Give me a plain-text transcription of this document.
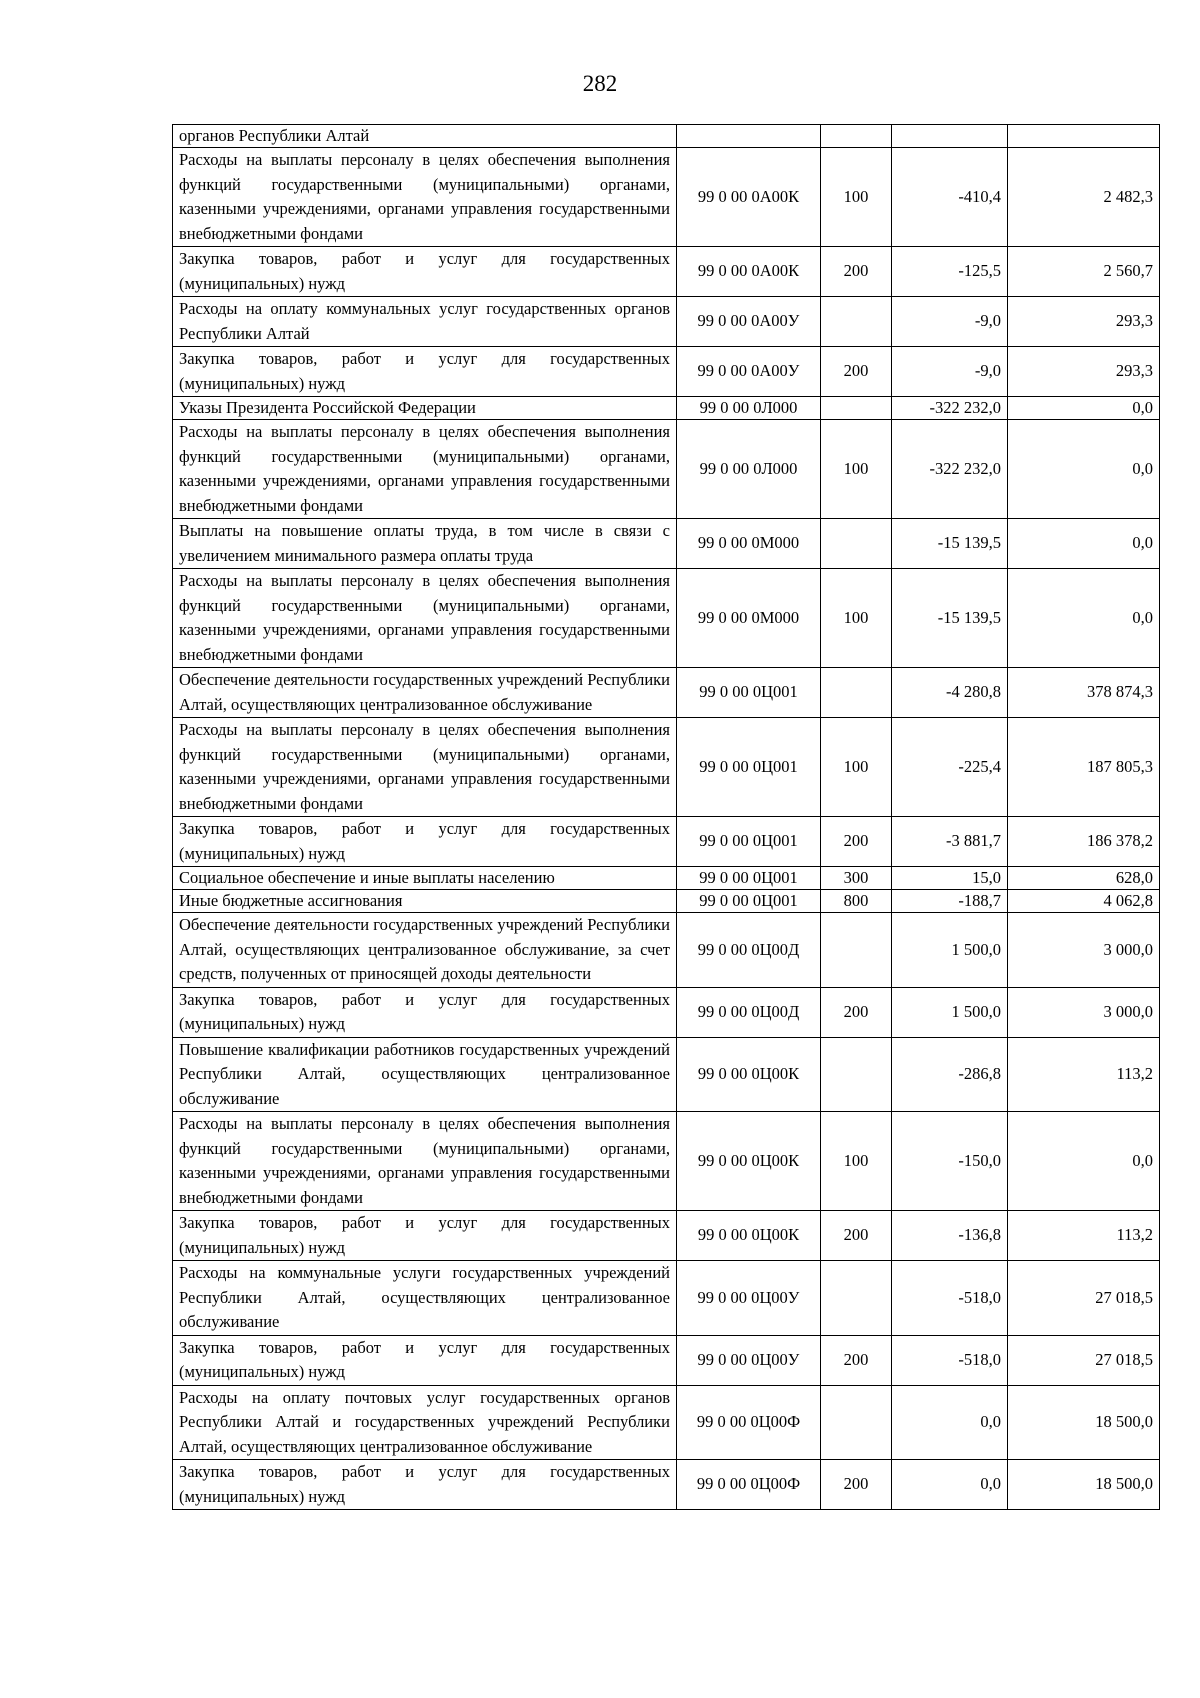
282
органов Республики Алтай				
Расходы на выплаты персоналу в целях обеспечения выполнения функций государственными (муниципальными) органами, казенными учреждениями, органами управления государственными внебюджетными фондами	99 0 00 0А00К	100	-410,4	2 482,3
Закупка товаров, работ и услуг для государственных (муниципальных) нужд	99 0 00 0А00К	200	-125,5	2 560,7
Расходы на оплату коммунальных услуг государственных органов Республики Алтай	99 0 00 0А00У		-9,0	293,3
Закупка товаров, работ и услуг для государственных (муниципальных) нужд	99 0 00 0А00У	200	-9,0	293,3
Указы Президента Российской Федерации	99 0 00 0Л000		-322 232,0	0,0
Расходы на выплаты персоналу в целях обеспечения выполнения функций государственными (муниципальными) органами, казенными учреждениями, органами управления государственными внебюджетными фондами	99 0 00 0Л000	100	-322 232,0	0,0
Выплаты на повышение оплаты труда, в том числе в связи с увеличением минимального размера оплаты труда	99 0 00 0М000		-15 139,5	0,0
Расходы на выплаты персоналу в целях обеспечения выполнения функций государственными (муниципальными) органами, казенными учреждениями, органами управления государственными внебюджетными фондами	99 0 00 0М000	100	-15 139,5	0,0
Обеспечение деятельности государственных учреждений Республики Алтай, осуществляющих централизованное обслуживание	99 0 00 0Ц001		-4 280,8	378 874,3
Расходы на выплаты персоналу в целях обеспечения выполнения функций государственными (муниципальными) органами, казенными учреждениями, органами управления государственными внебюджетными фондами	99 0 00 0Ц001	100	-225,4	187 805,3
Закупка товаров, работ и услуг для государственных (муниципальных) нужд	99 0 00 0Ц001	200	-3 881,7	186 378,2
Социальное обеспечение и иные выплаты населению	99 0 00 0Ц001	300	15,0	628,0
Иные бюджетные ассигнования	99 0 00 0Ц001	800	-188,7	4 062,8
Обеспечение деятельности государственных учреждений Республики Алтай, осуществляющих централизованное обслуживание, за счет средств, полученных от приносящей доходы деятельности	99 0 00 0Ц00Д		1 500,0	3 000,0
Закупка товаров, работ и услуг для государственных (муниципальных) нужд	99 0 00 0Ц00Д	200	1 500,0	3 000,0
Повышение квалификации работников государственных учреждений Республики Алтай, осуществляющих централизованное обслуживание	99 0 00 0Ц00К		-286,8	113,2
Расходы на выплаты персоналу в целях обеспечения выполнения функций государственными (муниципальными) органами, казенными учреждениями, органами управления государственными внебюджетными фондами	99 0 00 0Ц00К	100	-150,0	0,0
Закупка товаров, работ и услуг для государственных (муниципальных) нужд	99 0 00 0Ц00К	200	-136,8	113,2
Расходы на коммунальные услуги государственных учреждений Республики Алтай, осуществляющих централизованное обслуживание	99 0 00 0Ц00У		-518,0	27 018,5
Закупка товаров, работ и услуг для государственных (муниципальных) нужд	99 0 00 0Ц00У	200	-518,0	27 018,5
Расходы на оплату почтовых услуг государственных органов Республики Алтай и государственных учреждений Республики Алтай, осуществляющих централизованное обслуживание	99 0 00 0Ц00Ф		0,0	18 500,0
Закупка товаров, работ и услуг для государственных (муниципальных) нужд	99 0 00 0Ц00Ф	200	0,0	18 500,0
